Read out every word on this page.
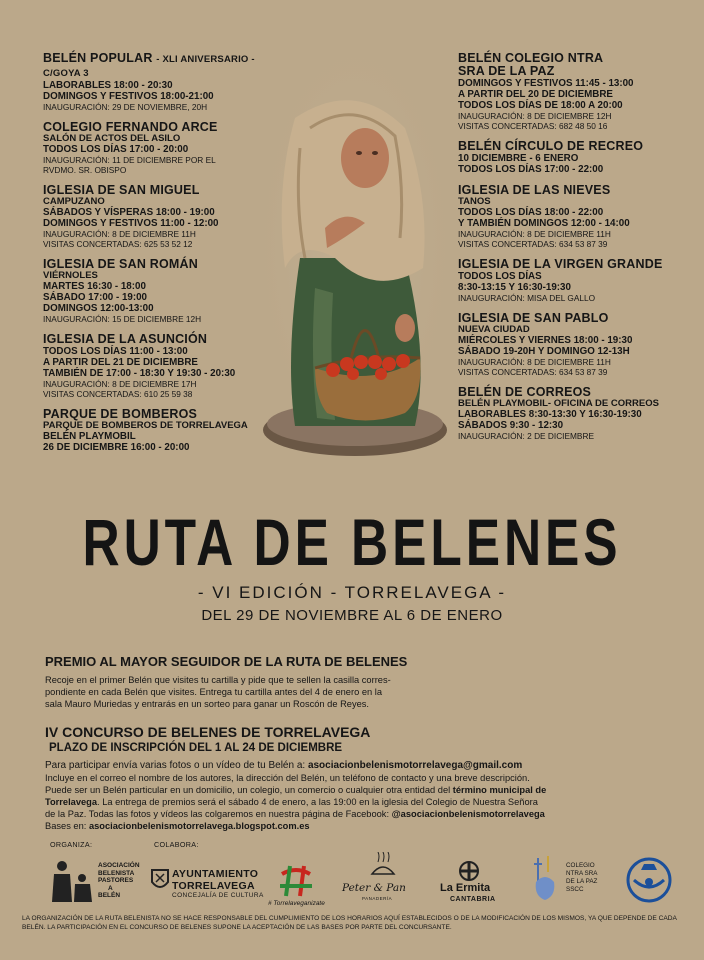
BELÉN POPULAR - XLI ANIVERSARIO - C/GOYA 3
LABORABLES 18:00 - 20:30
DOMINGOS Y FESTIVOS 18:00-21:00
INAUGURACIÓN: 29 DE NOVIEMBRE, 20H
COLEGIO FERNANDO ARCE
SALÓN DE ACTOS DEL ASILO
TODOS LOS DÍAS 17:00 - 20:00
INAUGURACIÓN: 11 DE DICIEMBRE POR EL
RVDMO. SR. OBISPO
IGLESIA DE SAN MIGUEL
CAMPUZANO
SÁBADOS Y VÍSPERAS 18:00 - 19:00
DOMINGOS Y FESTIVOS 11:00 - 12:00
INAUGURACIÓN: 8 DE DICIEMBRE 11H
VISITAS CONCERTADAS: 625 53 52 12
IGLESIA DE SAN ROMÁN
VIÉRNOLES
MARTES 16:30 - 18:00
SÁBADO 17:00 - 19:00
DOMINGOS 12:00-13:00
INAUGURACIÓN: 15 DE DICIEMBRE 12H
IGLESIA DE LA ASUNCIÓN
TODOS LOS DÍAS 11:00 - 13:00
A PARTIR DEL 21 DE DICIEMBRE
TAMBIÉN DE 17:00 - 18:30 Y 19:30 - 20:30
INAUGURACIÓN: 8 DE DICIEMBRE 17H
VISITAS CONCERTADAS: 610 25 59 38
PARQUE DE BOMBEROS
PARQUE DE BOMBEROS DE TORRELAVEGA
BELÉN PLAYMOBIL
26 DE DICIEMBRE 16:00 - 20:00
BELÉN COLEGIO NTRA
SRA DE LA PAZ
DOMINGOS Y FESTIVOS 11:45 - 13:00
A PARTIR DEL 20 DE DICIEMBRE
TODOS LOS DÍAS DE 18:00 A 20:00
INAUGURACIÓN: 8 DE DICIEMBRE 12H
VISITAS CONCERTADAS: 682 48 50 16
BELÉN CÍRCULO DE RECREO
10 DICIEMBRE - 6 ENERO
TODOS LOS DÍAS 17:00 - 22:00
IGLESIA DE LAS NIEVES
TANOS
TODOS LOS DÍAS 18:00 - 22:00
Y TAMBIÉN DOMINGOS 12:00 - 14:00
INAUGURACIÓN: 8 DE DICIEMBRE 11H
VISITAS CONCERTADAS: 634 53 87 39
IGLESIA DE LA VIRGEN GRANDE
TODOS LOS DÍAS
8:30-13:15 Y 16:30-19:30
INAUGURACIÓN: MISA DEL GALLO
IGLESIA DE SAN PABLO
NUEVA CIUDAD
MIÉRCOLES Y VIERNES 18:00 - 19:30
SÁBADO 19-20H Y DOMINGO 12-13H
INAUGURACIÓN: 8 DE DICIEMBRE 11H
VISITAS CONCERTADAS: 634 53 87 39
BELÉN DE CORREOS
BELÉN PLAYMOBIL- OFICINA DE CORREOS
LABORABLES 8:30-13:30 Y 16:30-19:30
SÁBADOS 9:30 - 12:30
INAUGURACIÓN: 2 DE DICIEMBRE
RUTA DE BELENES
- VI EDICIÓN - TORRELAVEGA -
DEL 29 DE NOVIEMBRE AL 6 DE ENERO
PREMIO AL MAYOR SEGUIDOR DE LA RUTA DE BELENES

Recoje en el primer Belén que visites tu cartilla y pide que te sellen la casilla corres-

pondiente en cada Belén que visites. Entrega tu cartilla antes del 4 de enero en la

sala Mauro Muriedas y entrarás en un sorteo para ganar un Roscón de Reyes.

IV CONCURSO DE BELENES DE TORRELAVEGA
PLAZO DE INSCRIPCIÓN DEL 1 AL 24 DE DICIEMBRE

Para participar envía varias fotos o un vídeo de tu Belén a: asociacionbelenismotorrelavega@gmail.com

Incluye en el correo el nombre de los autores, la dirección del Belén, un teléfono de contacto y una breve descripción.

Puede ser un Belén particular en un domicilio, un colegio, un comercio o cualquier otra entidad del término municipal de

Torrelavega. La entrega de premios será el sábado 4 de enero, a las 19:00 en la iglesia del Colegio de Nuestra Señora

de la Paz. Todas las fotos y vídeos las colgaremos en nuestra página de Facebook: @asociacionbelenismotorrelavega

Bases en: asociacionbelenismotorrelavega.blogspot.com.es

ORGANIZA:	COLABORA:
ASOCIACIÓN
BELENISTA
PASTORES
A
BELÉN
AYUNTAMIENTO
TORRELAVEGA
CONCEJALÍA DE CULTURA
# Torrelaveganizate
Peter & Pan
PANADERÍA
La Ermita
CANTABRIA
COLEGIO
NTRA SRA
DE LA PAZ
SSCC
LA ORGANIZACIÓN DE LA RUTA BELENISTA NO SE HACE RESPONSABLE DEL CUMPLIMIENTO DE LOS HORARIOS AQUÍ ESTABLECIDOS O DE LA MODIFICACIÓN DE LOS MISMOS, YA QUE DEPENDE DE CADA BELÉN. LA PARTICIPACIÓN EN EL CONCURSO DE BELENES SUPONE LA ACEPTACIÓN DE LAS BASES POR PARTE DEL CONCURSANTE.
